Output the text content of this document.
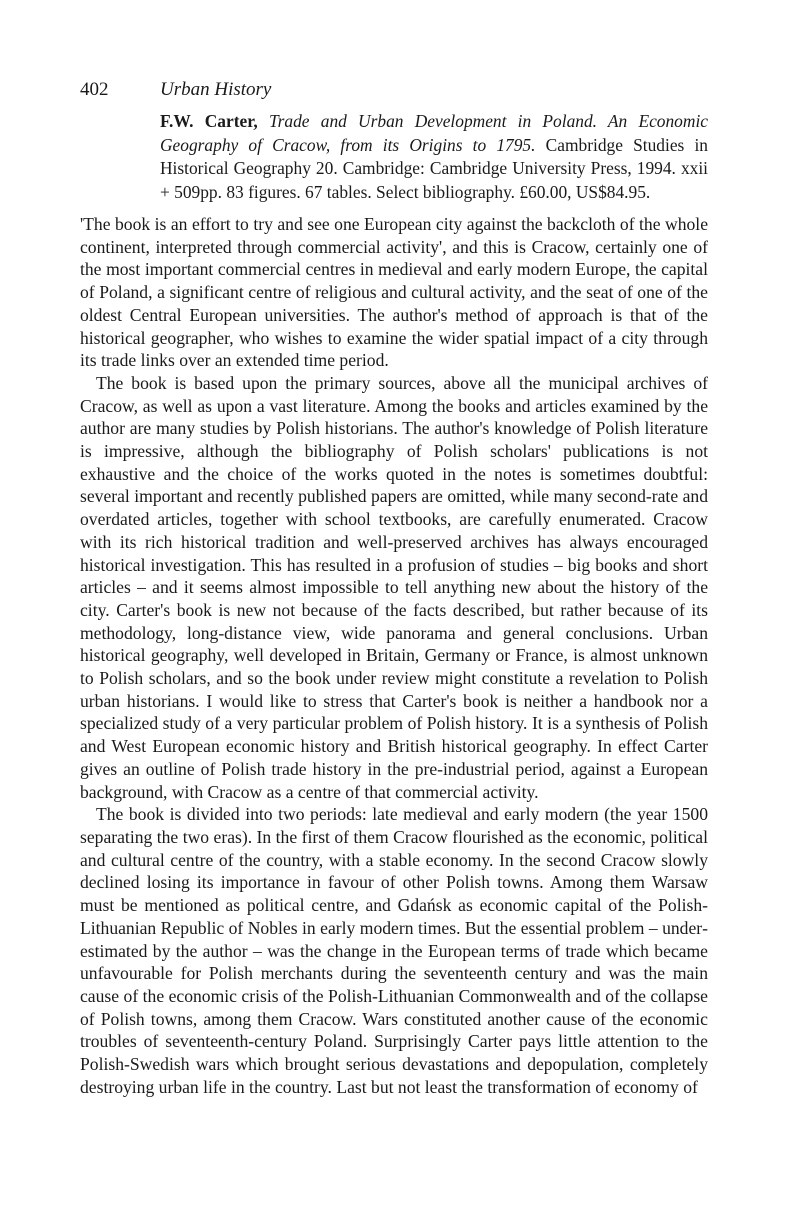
402	Urban History
F.W. Carter, Trade and Urban Development in Poland. An Economic Geography of Cracow, from its Origins to 1795. Cambridge Studies in Historical Geography 20. Cambridge: Cambridge University Press, 1994. xxii + 509pp. 83 figures. 67 tables. Select bibliography. £60.00, US$84.95.

'The book is an effort to try and see one European city against the backcloth of the whole continent, interpreted through commercial activity', and this is Cracow, certainly one of the most important commercial centres in medieval and early modern Europe, the capital of Poland, a significant centre of religious and cultural activity, and the seat of one of the oldest Central European universities. The author's method of approach is that of the historical geographer, who wishes to examine the wider spatial impact of a city through its trade links over an extended time period.

The book is based upon the primary sources, above all the municipal archives of Cracow, as well as upon a vast literature. Among the books and articles examined by the author are many studies by Polish historians. The author's knowledge of Polish literature is impressive, although the bibliography of Polish scholars' publications is not exhaustive and the choice of the works quoted in the notes is sometimes doubtful: several important and recently published papers are omitted, while many second-rate and overdated articles, together with school textbooks, are carefully enumerated. Cracow with its rich historical tradition and well-preserved archives has always encouraged historical investigation. This has resulted in a profusion of studies – big books and short articles – and it seems almost impossible to tell anything new about the history of the city. Carter's book is new not because of the facts described, but rather because of its methodology, long-distance view, wide panorama and general conclusions. Urban historical geography, well developed in Britain, Germany or France, is almost unknown to Polish scholars, and so the book under review might constitute a revelation to Polish urban historians. I would like to stress that Carter's book is neither a handbook nor a specialized study of a very particular problem of Polish history. It is a synthesis of Polish and West European economic history and British historical geography. In effect Carter gives an outline of Polish trade history in the pre-industrial period, against a European background, with Cracow as a centre of that commercial activity.

The book is divided into two periods: late medieval and early modern (the year 1500 separating the two eras). In the first of them Cracow flourished as the economic, political and cultural centre of the country, with a stable economy. In the second Cracow slowly declined losing its importance in favour of other Polish towns. Among them Warsaw must be mentioned as political centre, and Gdańsk as economic capital of the Polish-Lithuanian Republic of Nobles in early modern times. But the essential problem – underestimated by the author – was the change in the European terms of trade which became unfavourable for Polish merchants during the seventeenth century and was the main cause of the economic crisis of the Polish-Lithuanian Commonwealth and of the collapse of Polish towns, among them Cracow. Wars constituted another cause of the economic troubles of seventeenth-century Poland. Surprisingly Carter pays little attention to the Polish-Swedish wars which brought serious devastations and depopulation, completely destroying urban life in the country. Last but not least the transformation of economy of
